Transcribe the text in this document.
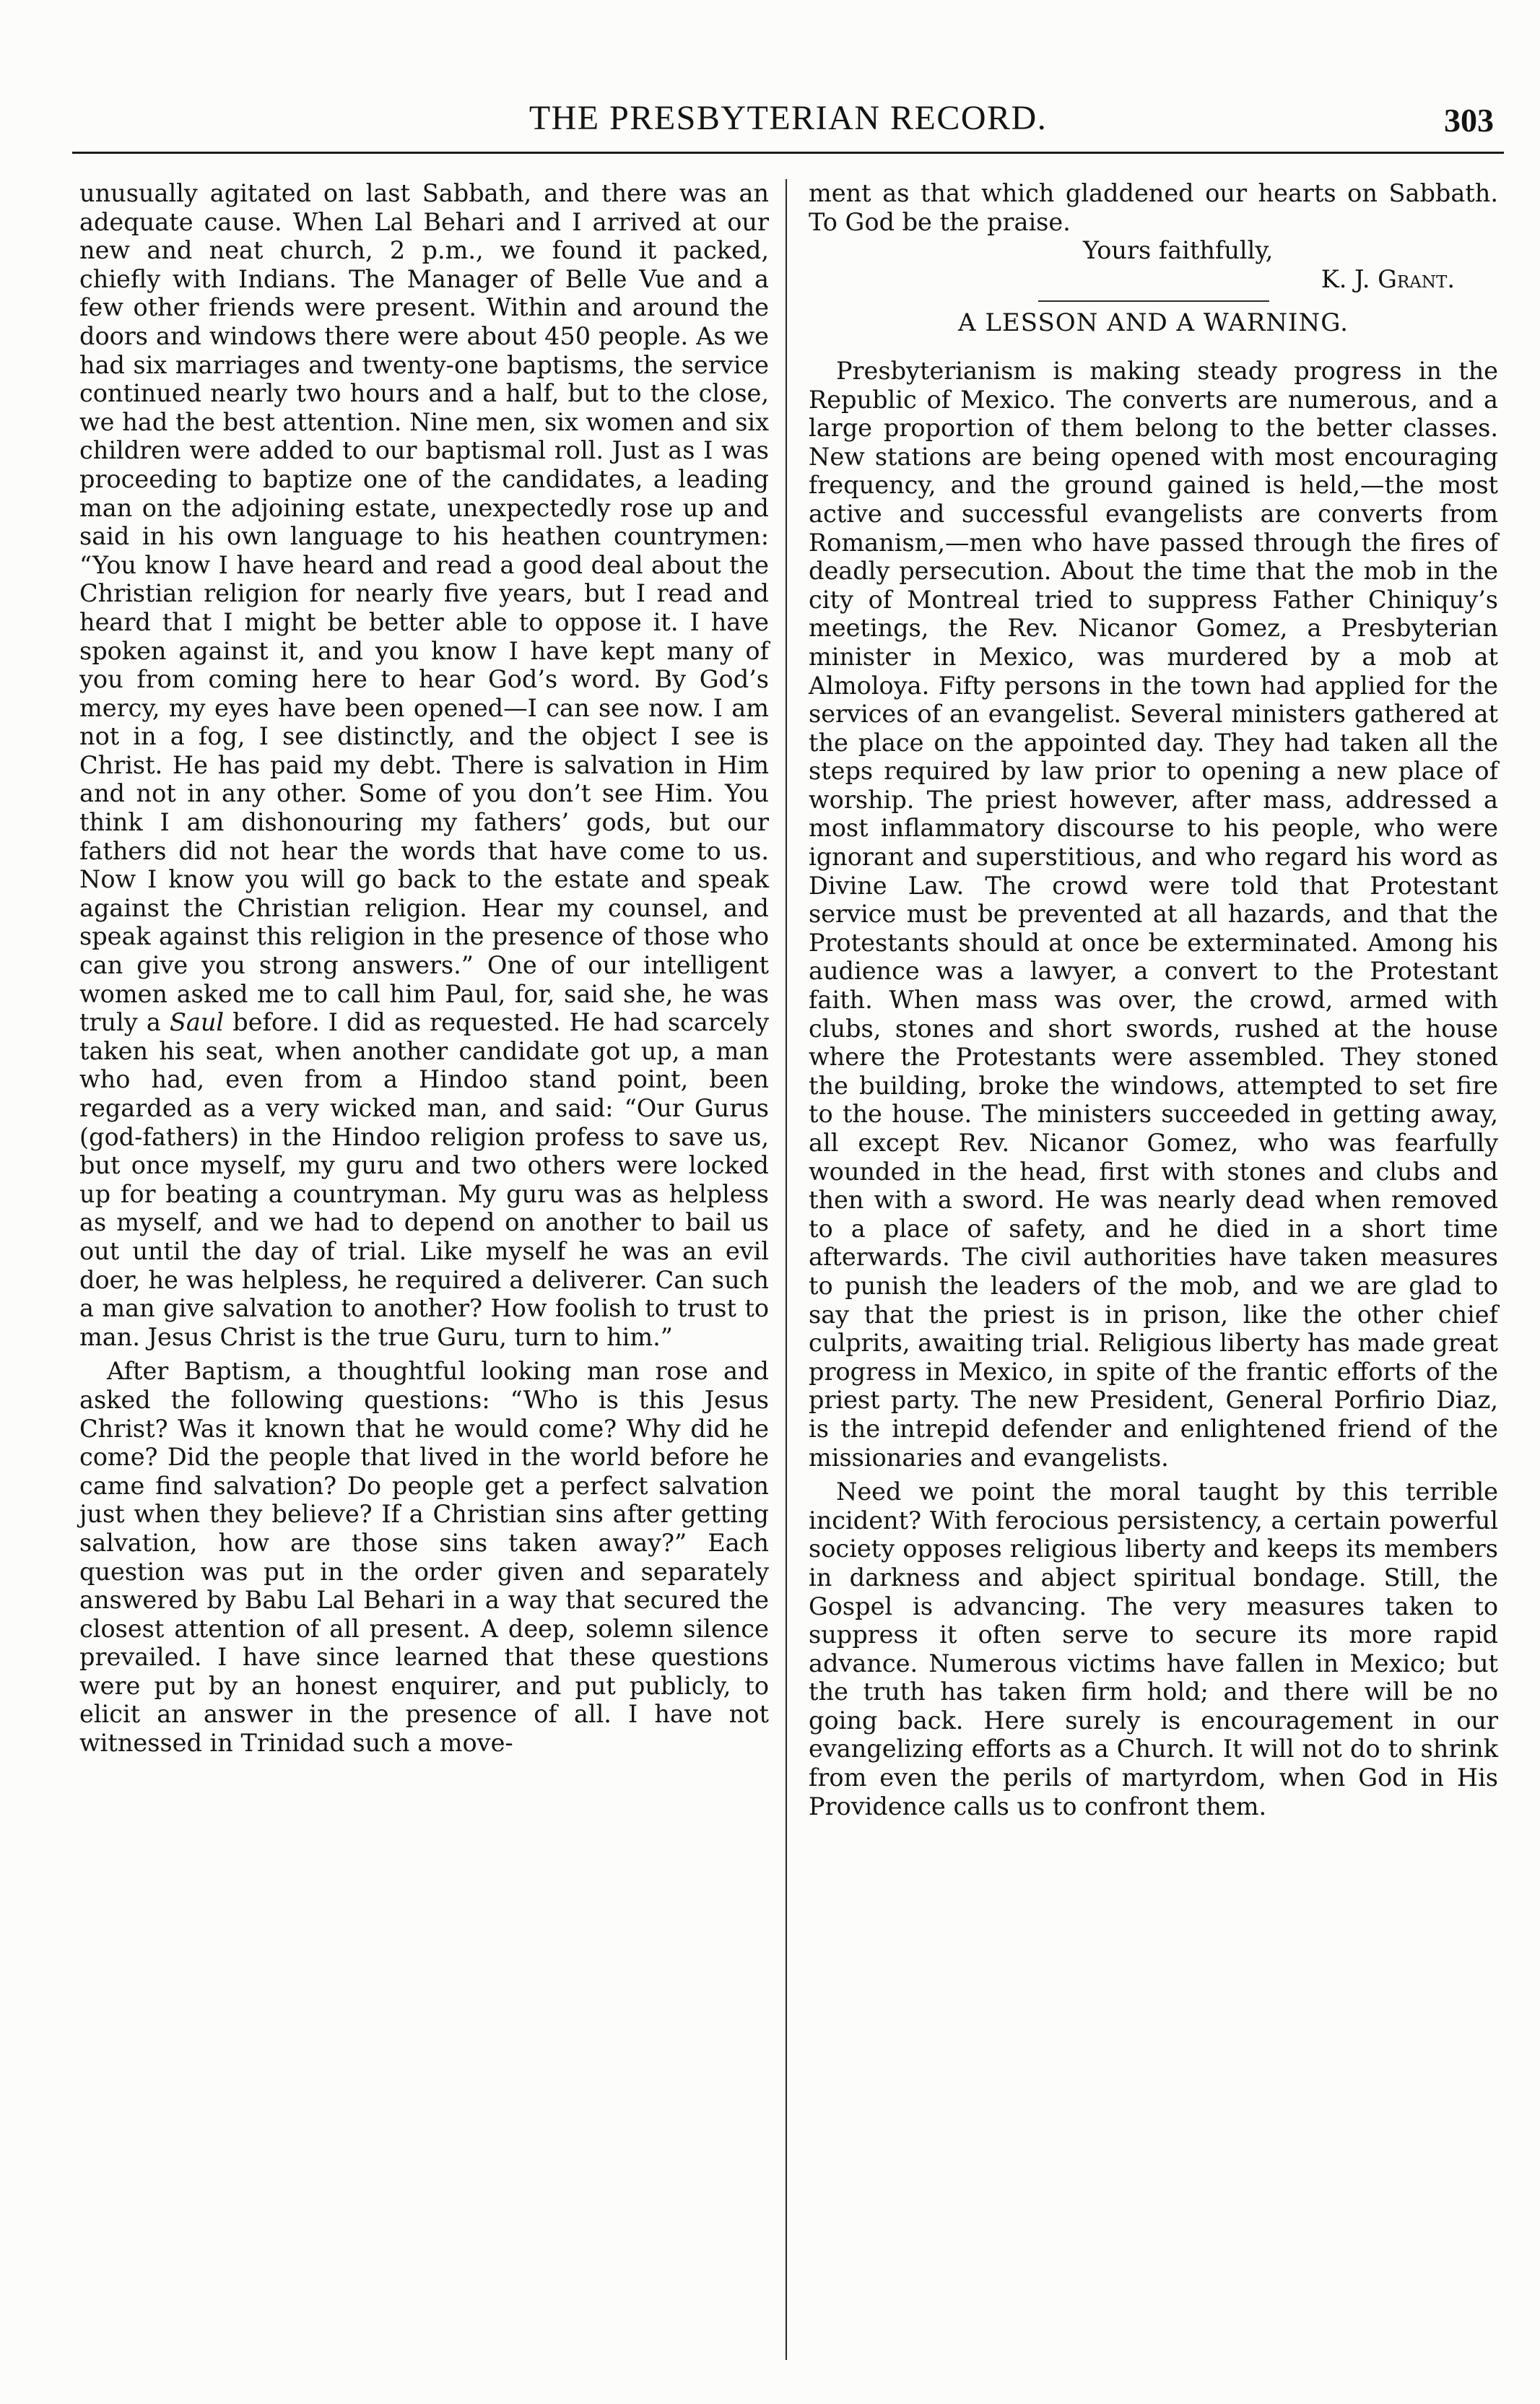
THE PRESBYTERIAN RECORD.	303

unusually agitated on last Sabbath, and there was an adequate cause. When Lal Behari and I arrived at our new and neat church, 2 p.m., we found it packed, chiefly with Indians. The Manager of Belle Vue and a few other friends were present. Within and around the doors and windows there were about 450 people. As we had six marriages and twenty-one baptisms, the service continued nearly two hours and a half, but to the close, we had the best attention. Nine men, six women and six children were added to our baptismal roll. Just as I was proceeding to baptize one of the candidates, a leading man on the adjoining estate, unexpectedly rose up and said in his own language to his heathen countrymen: “You know I have heard and read a good deal about the Christian religion for nearly five years, but I read and heard that I might be better able to oppose it. I have spoken against it, and you know I have kept many of you from coming here to hear God’s word. By God’s mercy, my eyes have been opened—I can see now. I am not in a fog, I see distinctly, and the object I see is Christ. He has paid my debt. There is salvation in Him and not in any other. Some of you don’t see Him. You think I am dishonouring my fathers’ gods, but our fathers did not hear the words that have come to us. Now I know you will go back to the estate and speak against the Christian religion. Hear my counsel, and speak against this religion in the presence of those who can give you strong answers.” One of our intelligent women asked me to call him Paul, for, said she, he was truly a Saul before. I did as requested. He had scarcely taken his seat, when another candidate got up, a man who had, even from a Hindoo stand point, been regarded as a very wicked man, and said: “Our Gurus (god-fathers) in the Hindoo religion profess to save us, but once myself, my guru and two others were locked up for beating a countryman. My guru was as helpless as myself, and we had to depend on another to bail us out until the day of trial. Like myself he was an evil doer, he was helpless, he required a deliverer. Can such a man give salvation to another? How foolish to trust to man. Jesus Christ is the true Guru, turn to him.”

After Baptism, a thoughtful looking man rose and asked the following questions: “Who is this Jesus Christ? Was it known that he would come? Why did he come? Did the people that lived in the world before he came find salvation? Do people get a perfect salvation just when they believe? If a Christian sins after getting salvation, how are those sins taken away?” Each question was put in the order given and separately answered by Babu Lal Behari in a way that secured the closest attention of all present. A deep, solemn silence prevailed. I have since learned that these questions were put by an honest enquirer, and put publicly, to elicit an answer in the presence of all. I have not witnessed in Trinidad such a move-

ment as that which gladdened our hearts on Sabbath. To God be the praise.

Yours faithfully,
K. J. Grant.
A LESSON AND A WARNING.

Presbyterianism is making steady progress in the Republic of Mexico. The converts are numerous, and a large proportion of them belong to the better classes. New stations are being opened with most encouraging frequency, and the ground gained is held,—the most active and successful evangelists are converts from Romanism,—men who have passed through the fires of deadly persecution. About the time that the mob in the city of Montreal tried to suppress Father Chiniquy’s meetings, the Rev. Nicanor Gomez, a Presbyterian minister in Mexico, was murdered by a mob at Almoloya. Fifty persons in the town had applied for the services of an evangelist. Several ministers gathered at the place on the appointed day. They had taken all the steps required by law prior to opening a new place of worship. The priest however, after mass, addressed a most inflammatory discourse to his people, who were ignorant and superstitious, and who regard his word as Divine Law. The crowd were told that Protestant service must be prevented at all hazards, and that the Protestants should at once be exterminated. Among his audience was a lawyer, a convert to the Protestant faith. When mass was over, the crowd, armed with clubs, stones and short swords, rushed at the house where the Protestants were assembled. They stoned the building, broke the windows, attempted to set fire to the house. The ministers succeeded in getting away, all except Rev. Nicanor Gomez, who was fearfully wounded in the head, first with stones and clubs and then with a sword. He was nearly dead when removed to a place of safety, and he died in a short time afterwards. The civil authorities have taken measures to punish the leaders of the mob, and we are glad to say that the priest is in prison, like the other chief culprits, awaiting trial. Religious liberty has made great progress in Mexico, in spite of the frantic efforts of the priest party. The new President, General Porfirio Diaz, is the intrepid defender and enlightened friend of the missionaries and evangelists.

Need we point the moral taught by this terrible incident? With ferocious persistency, a certain powerful society opposes religious liberty and keeps its members in darkness and abject spiritual bondage. Still, the Gospel is advancing. The very measures taken to suppress it often serve to secure its more rapid advance. Numerous victims have fallen in Mexico; but the truth has taken firm hold; and there will be no going back. Here surely is encouragement in our evangelizing efforts as a Church. It will not do to shrink from even the perils of martyrdom, when God in His Providence calls us to confront them.
